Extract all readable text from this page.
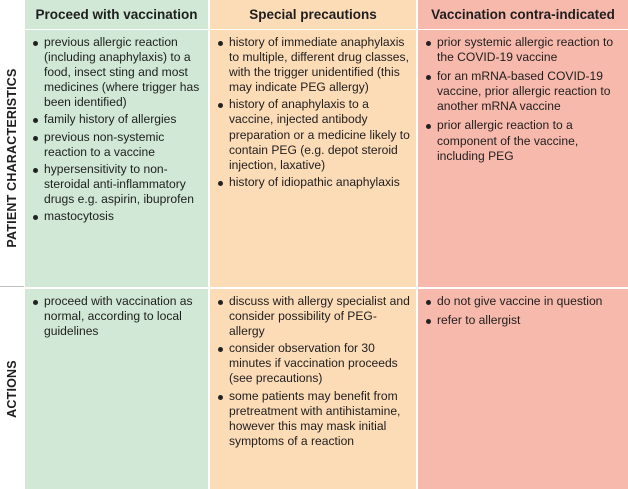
Proceed with vaccination	Special precautions	Vaccination contra-indicated
PATIENT CHARACTERISTICS
previous allergic reaction (including anaphylaxis) to a food, insect sting and most medicines (where trigger has been identified)
family history of allergies
previous non-systemic reaction to a vaccine
hypersensitivity to non-steroidal anti-inflammatory drugs e.g. aspirin, ibuprofen
mastocytosis
history of immediate anaphylaxis to multiple, different drug classes, with the trigger unidentified (this may indicate PEG allergy)
history of anaphylaxis to a vaccine, injected antibody preparation or a medicine likely to contain PEG (e.g. depot steroid injection, laxative)
history of idiopathic anaphylaxis
prior systemic allergic reaction to the COVID-19 vaccine
for an mRNA-based COVID-19 vaccine, prior allergic reaction to another mRNA vaccine
prior allergic reaction to a component of the vaccine, including PEG
ACTIONS
proceed with vaccination as normal, according to local guidelines
discuss with allergy specialist and consider possibility of PEG-allergy
consider observation for 30 minutes if vaccination proceeds (see precautions)
some patients may benefit from pretreatment with antihistamine, however this may mask initial symptoms of a reaction
do not give vaccine in question
refer to allergist
